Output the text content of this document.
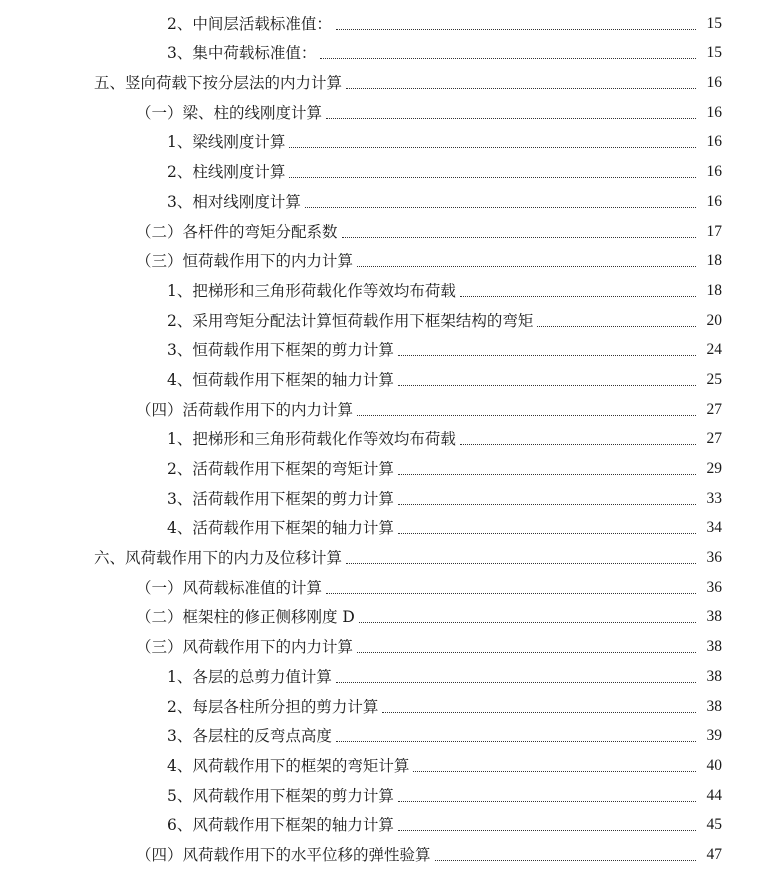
2、中间层活载标准值：	15
3、集中荷载标准值：	15
五、竖向荷载下按分层法的内力计算	16
（一）梁、柱的线刚度计算	16
1、梁线刚度计算	16
2、柱线刚度计算	16
3、相对线刚度计算	16
（二）各杆件的弯矩分配系数	17
（三）恒荷载作用下的内力计算	18
1、把梯形和三角形荷载化作等效均布荷载	18
2、采用弯矩分配法计算恒荷载作用下框架结构的弯矩	20
3、恒荷载作用下框架的剪力计算	24
4、恒荷载作用下框架的轴力计算	25
（四）活荷载作用下的内力计算	27
1、把梯形和三角形荷载化作等效均布荷载	27
2、活荷载作用下框架的弯矩计算	29
3、活荷载作用下框架的剪力计算	33
4、活荷载作用下框架的轴力计算	34
六、风荷载作用下的内力及位移计算	36
（一）风荷载标准值的计算	36
（二）框架柱的修正侧移刚度 D	38
（三）风荷载作用下的内力计算	38
1、各层的总剪力值计算	38
2、每层各柱所分担的剪力计算	38
3、各层柱的反弯点高度	39
4、风荷载作用下的框架的弯矩计算	40
5、风荷载作用下框架的剪力计算	44
6、风荷载作用下框架的轴力计算	45
（四）风荷载作用下的水平位移的弹性验算	47
